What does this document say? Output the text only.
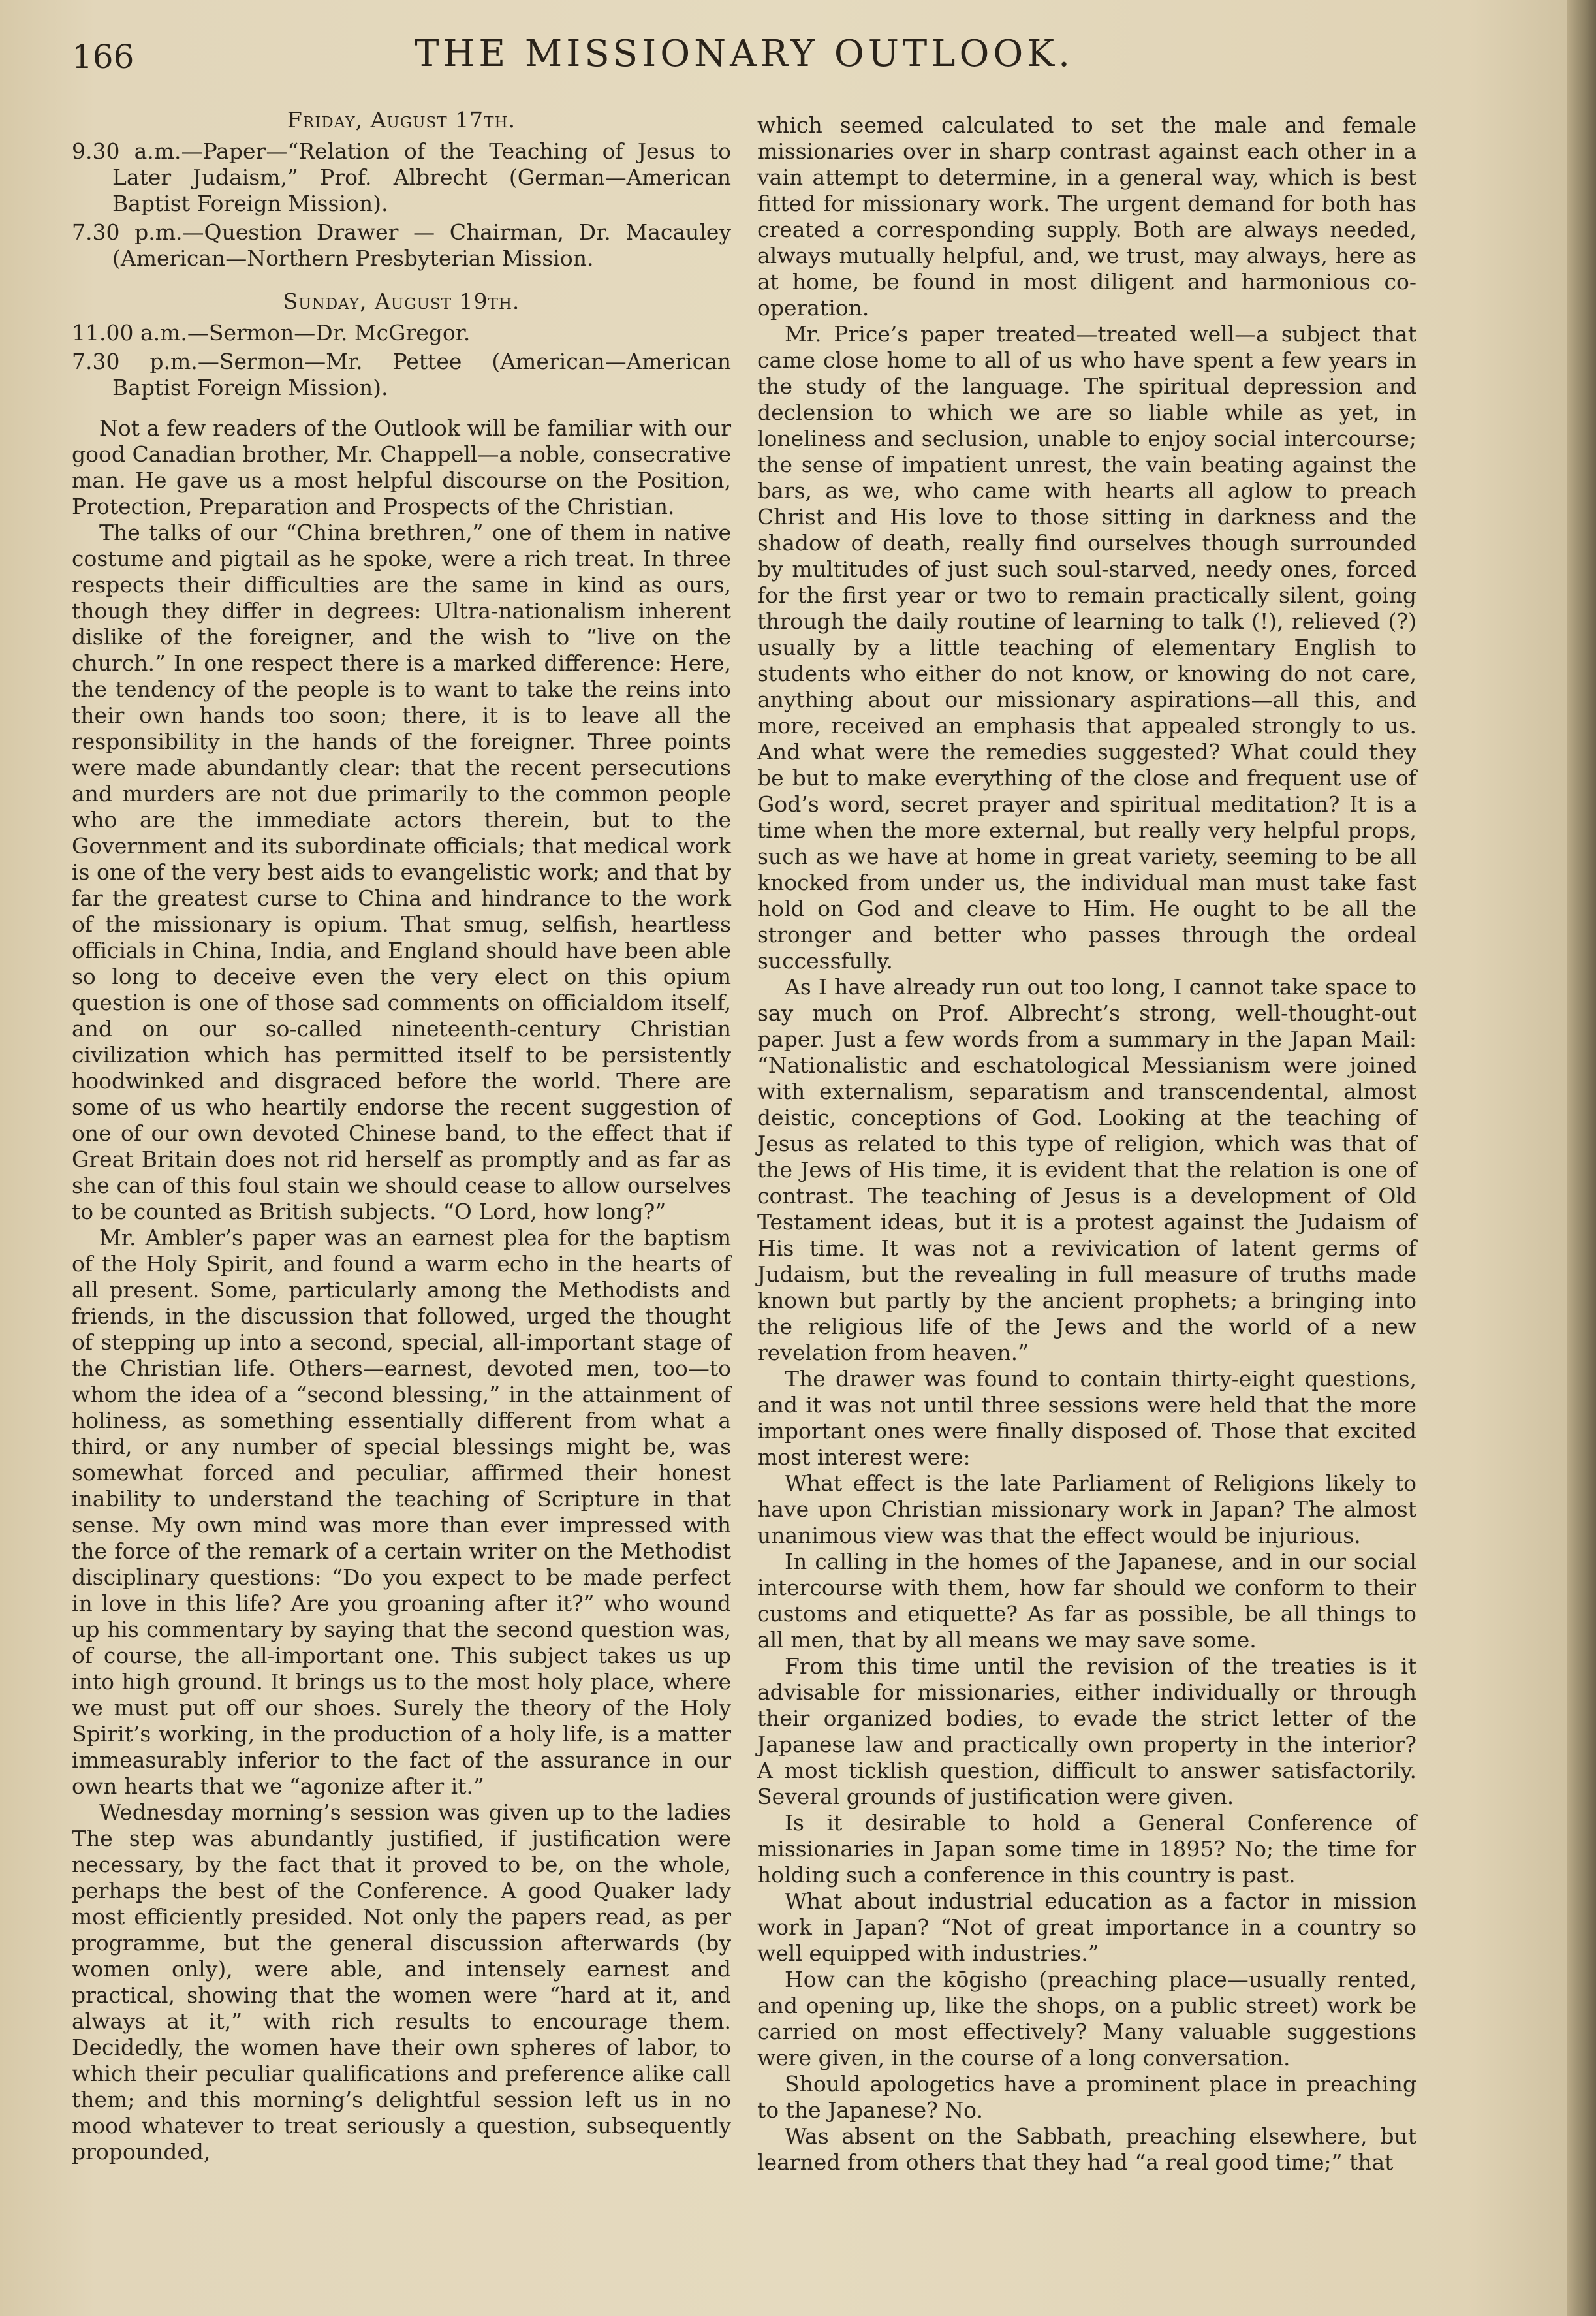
166	THE MISSIONARY OUTLOOK.
Friday, August 17th.
9.30 a.m.—Paper—“Relation of the Teaching of Jesus to Later Judaism,” Prof. Albrecht (German—American Baptist Foreign Mission).
7.30 p.m.—Question Drawer — Chairman, Dr. Macauley (American—Northern Presbyterian Mission.
Sunday, August 19th.
11.00 a.m.—Sermon—Dr. McGregor.
7.30 p.m.—Sermon—Mr. Pettee (American—American Baptist Foreign Mission).

Not a few readers of the Outlook will be familiar with our good Canadian brother, Mr. Chappell—a noble, consecrative man. He gave us a most helpful discourse on the Position, Protection, Preparation and Prospects of the Christian.

The talks of our “China brethren,” one of them in native costume and pigtail as he spoke, were a rich treat. In three respects their difficulties are the same in kind as ours, though they differ in degrees: Ultra-nationalism inherent dislike of the foreigner, and the wish to “live on the church.” In one respect there is a marked difference: Here, the tendency of the people is to want to take the reins into their own hands too soon; there, it is to leave all the responsibility in the hands of the foreigner. Three points were made abundantly clear: that the recent persecutions and murders are not due primarily to the common people who are the immediate actors therein, but to the Government and its subordinate officials; that medical work is one of the very best aids to evangelistic work; and that by far the greatest curse to China and hindrance to the work of the missionary is opium. That smug, selfish, heartless officials in China, India, and England should have been able so long to deceive even the very elect on this opium question is one of those sad comments on officialdom itself, and on our so-called nineteenth-century Christian civilization which has permitted itself to be persistently hoodwinked and disgraced before the world. There are some of us who heartily endorse the recent suggestion of one of our own devoted Chinese band, to the effect that if Great Britain does not rid herself as promptly and as far as she can of this foul stain we should cease to allow ourselves to be counted as British subjects. “O Lord, how long?”

Mr. Ambler’s paper was an earnest plea for the baptism of the Holy Spirit, and found a warm echo in the hearts of all present. Some, particularly among the Methodists and friends, in the discussion that followed, urged the thought of stepping up into a second, special, all-important stage of the Christian life. Others—earnest, devoted men, too—to whom the idea of a “second blessing,” in the attainment of holiness, as something essentially different from what a third, or any number of special blessings might be, was somewhat forced and peculiar, affirmed their honest inability to understand the teaching of Scripture in that sense. My own mind was more than ever impressed with the force of the remark of a certain writer on the Methodist disciplinary questions: “Do you expect to be made perfect in love in this life? Are you groaning after it?” who wound up his commentary by saying that the second question was, of course, the all-important one. This subject takes us up into high ground. It brings us to the most holy place, where we must put off our shoes. Surely the theory of the Holy Spirit’s working, in the production of a holy life, is a matter immeasurably inferior to the fact of the assurance in our own hearts that we “agonize after it.”

Wednesday morning’s session was given up to the ladies The step was abundantly justified, if justification were necessary, by the fact that it proved to be, on the whole, perhaps the best of the Conference. A good Quaker lady most efficiently presided. Not only the papers read, as per programme, but the general discussion afterwards (by women only), were able, and intensely earnest and practical, showing that the women were “hard at it, and always at it,” with rich results to encourage them. Decidedly, the women have their own spheres of labor, to which their peculiar qualifications and preference alike call them; and this morning’s delightful session left us in no mood whatever to treat seriously a question, subsequently propounded,

which seemed calculated to set the male and female missionaries over in sharp contrast against each other in a vain attempt to determine, in a general way, which is best fitted for missionary work. The urgent demand for both has created a corresponding supply. Both are always needed, always mutually helpful, and, we trust, may always, here as at home, be found in most diligent and harmonious co-operation.

Mr. Price’s paper treated—treated well—a subject that came close home to all of us who have spent a few years in the study of the language. The spiritual depression and declension to which we are so liable while as yet, in loneliness and seclusion, unable to enjoy social intercourse; the sense of impatient unrest, the vain beating against the bars, as we, who came with hearts all aglow to preach Christ and His love to those sitting in darkness and the shadow of death, really find ourselves though surrounded by multitudes of just such soul-starved, needy ones, forced for the first year or two to remain practically silent, going through the daily routine of learning to talk (!), relieved (?) usually by a little teaching of elementary English to students who either do not know, or knowing do not care, anything about our missionary aspirations—all this, and more, received an emphasis that appealed strongly to us. And what were the remedies suggested? What could they be but to make everything of the close and frequent use of God’s word, secret prayer and spiritual meditation? It is a time when the more external, but really very helpful props, such as we have at home in great variety, seeming to be all knocked from under us, the individual man must take fast hold on God and cleave to Him. He ought to be all the stronger and better who passes through the ordeal successfully.

As I have already run out too long, I cannot take space to say much on Prof. Albrecht’s strong, well-thought-out paper. Just a few words from a summary in the Japan Mail: “Nationalistic and eschatological Messianism were joined with externalism, separatism and transcendental, almost deistic, conceptions of God. Looking at the teaching of Jesus as related to this type of religion, which was that of the Jews of His time, it is evident that the relation is one of contrast. The teaching of Jesus is a development of Old Testament ideas, but it is a protest against the Judaism of His time. It was not a revivication of latent germs of Judaism, but the revealing in full measure of truths made known but partly by the ancient prophets; a bringing into the religious life of the Jews and the world of a new revelation from heaven.”

The drawer was found to contain thirty-eight questions, and it was not until three sessions were held that the more important ones were finally disposed of. Those that excited most interest were:

What effect is the late Parliament of Religions likely to have upon Christian missionary work in Japan? The almost unanimous view was that the effect would be injurious.

In calling in the homes of the Japanese, and in our social intercourse with them, how far should we conform to their customs and etiquette? As far as possible, be all things to all men, that by all means we may save some.

From this time until the revision of the treaties is it advisable for missionaries, either individually or through their organized bodies, to evade the strict letter of the Japanese law and practically own property in the interior? A most ticklish question, difficult to answer satisfactorily. Several grounds of justification were given.

Is it desirable to hold a General Conference of missionaries in Japan some time in 1895? No; the time for holding such a conference in this country is past.

What about industrial education as a factor in mission work in Japan? “Not of great importance in a country so well equipped with industries.”

How can the kōgisho (preaching place—usually rented, and opening up, like the shops, on a public street) work be carried on most effectively? Many valuable suggestions were given, in the course of a long conversation.

Should apologetics have a prominent place in preaching to the Japanese? No.

Was absent on the Sabbath, preaching elsewhere, but learned from others that they had “a real good time;” that
